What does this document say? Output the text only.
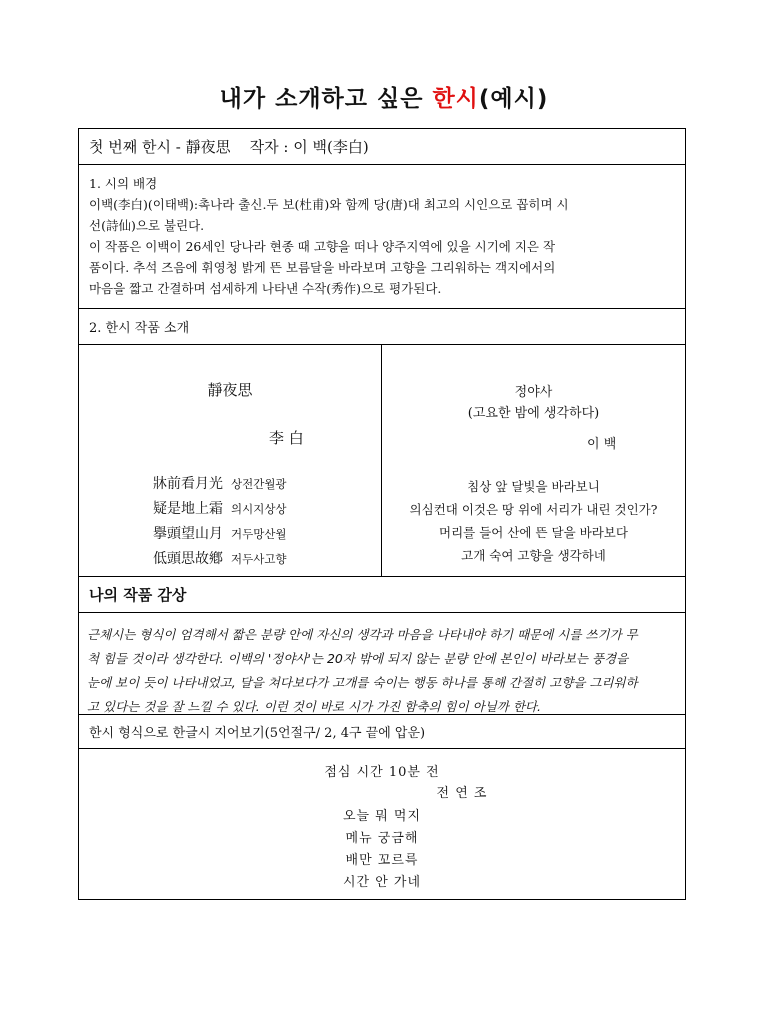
내가 소개하고 싶은 한시(예시)
첫 번째 한시 - 靜夜思    작자 : 이 백(李白)

1. 시의 배경

이백(李白)(이태백):촉나라 출신.두 보(杜甫)와 함께 당(唐)대 최고의 시인으로 꼽히며 시

선(詩仙)으로 불린다.

이 작품은 이백이 26세인 당나라 현종 때 고향을 떠나 양주지역에 있을 시기에 지은 작

품이다. 추석 즈음에 휘영청 밝게 뜬 보름달을 바라보며 고향을 그리워하는 객지에서의

마음을 짧고 간결하며 섬세하게 나타낸 수작(秀作)으로 평가된다.

2. 한시 작품 소개
靜夜思
李 白
牀前看月光 상전간월광
疑是地上霜 의시지상상
擧頭望山月 거두망산월
低頭思故鄕 저두사고향
정야사
(고요한 밤에 생각하다)
이 백
침상 앞 달빛을 바라보니
의심컨대 이것은 땅 위에 서리가 내린 것인가?
머리를 들어 산에 뜬 달을 바라보다
고개 숙여 고향을 생각하네
나의 작품 감상

근체시는 형식이 엄격해서 짧은 분량 안에 자신의 생각과 마음을 나타내야 하기 때문에 시를 쓰기가 무

척 힘들 것이라 생각한다. 이백의 '정야사'는 20자 밖에 되지 않는 분량 안에 본인이 바라보는 풍경을

눈에 보이 듯이 나타내었고, 달을 쳐다보다가 고개를 숙이는 행동 하나를 통해 간절히 고향을 그리워하

고 있다는 것을 잘 느낄 수 있다. 이런 것이 바로 시가 가진 함축의 힘이 아닐까 한다.

한시 형식으로 한글시 지어보기(5언절구/ 2, 4구 끝에 압운)
점심 시간 10분 전
전 연 조
오늘 뭐 먹지
메뉴 궁금해
배만 꼬르륵
시간 안 가네
